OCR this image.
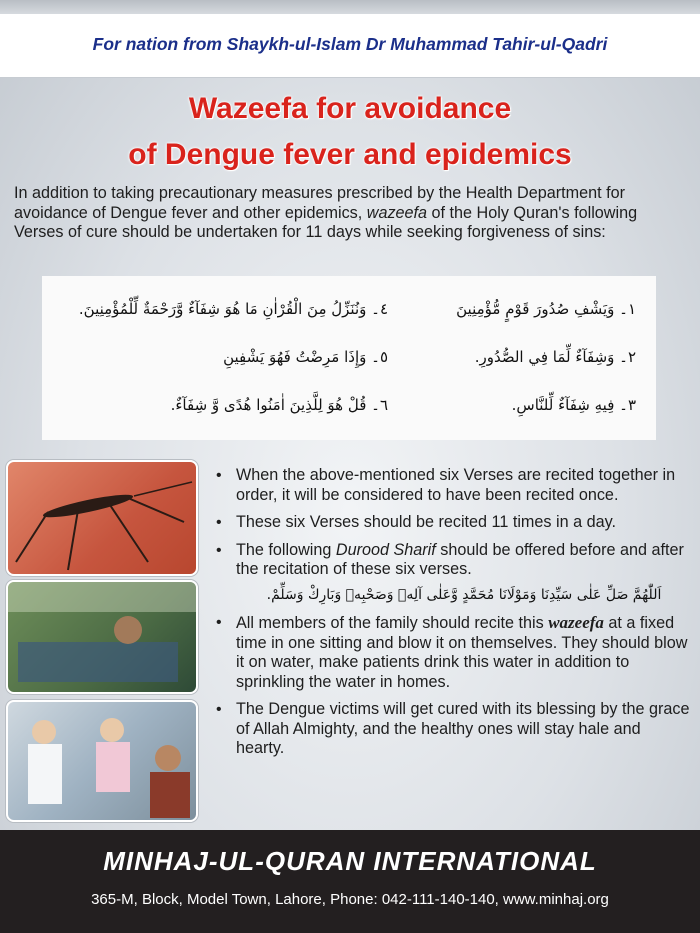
For nation from Shaykh-ul-Islam Dr Muhammad Tahir-ul-Qadri
Wazeefa for avoidance
of Dengue fever and epidemics
In addition to taking precautionary measures prescribed by the Health Department for avoidance of Dengue fever and other epidemics, wazeefa of the Holy Quran's following Verses of cure should be undertaken for 11 days while seeking forgiveness of sins:
١۔ وَيَشْفِ صُدُورَ قَوْمٍ مُّؤْمِنِينَ
٢۔ وَشِفَآءٌ لِّمَا فِي الصُّدُورِ.
٣۔ فِيهِ شِفَآءٌ لِّلنَّاسِ.
٤۔ وَنُنَزِّلُ مِنَ الْقُرْاٰنِ مَا هُوَ شِفَآءٌ وَّرَحْمَةٌ لِّلْمُؤْمِنِينَ.
٥۔ وَإِذَا مَرِضْتُ فَهُوَ يَشْفِينِ
٦۔ قُلْ هُوَ لِلَّذِينَ اٰمَنُوا هُدًى وَّ شِفَآءٌ.
• When the above-mentioned six Verses are recited together in order, it will be considered to have been recited once.
• These six Verses should be recited 11 times in a day.
• The following Durood Sharif should be offered before and after the recitation of these six verses.
اَللّٰهُمَّ صَلِّ عَلٰى سَيِّدِنَا وَمَوْلَانَا مُحَمَّدٍ وَّعَلٰى آلِهٖ وَصَحْبِهٖ وَبَارِكْ وَسَلِّمْ.
• All members of the family should recite this wazeefa at a fixed time in one sitting and blow it on themselves. They should blow it on water, make patients drink this water in addition to sprinkling the water in homes.
• The Dengue victims will get cured with its blessing by the grace of Allah Almighty, and the healthy ones will stay hale and hearty.
MINHAJ-UL-QURAN INTERNATIONAL
365-M, Block, Model Town, Lahore, Phone: 042-111-140-140, www.minhaj.org
